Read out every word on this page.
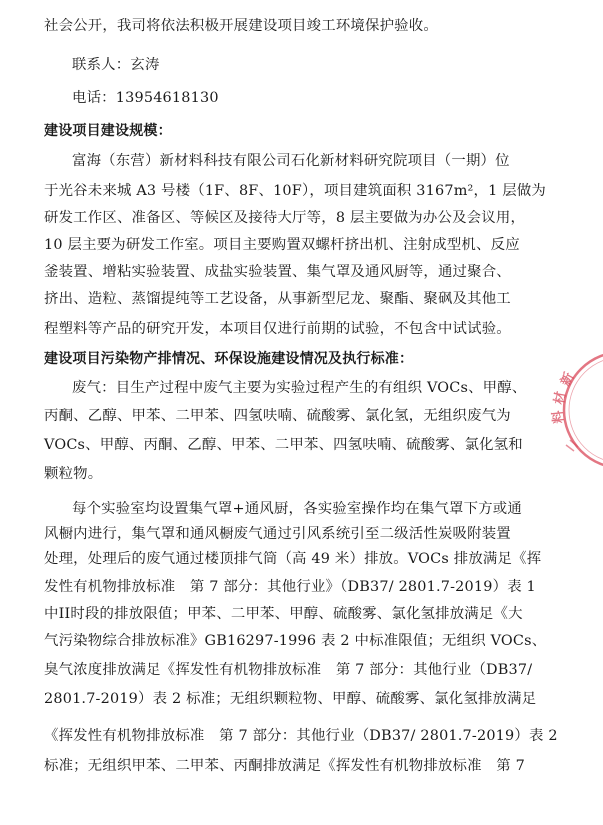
社会公开，我司将依法积极开展建设项目竣工环境保护验收。
联系人：玄涛
电话：13954618130
建设项目建设规模：
富海（东营）新材料科技有限公司石化新材料研究院项目（一期）位
于光谷未来城 A3 号楼（1F、8F、10F），项目建筑面积 3167m²，1 层做为
研发工作区、准备区、等候区及接待大厅等，8 层主要做为办公及会议用，
10 层主要为研发工作室。项目主要购置双螺杆挤出机、注射成型机、反应
釜装置、增粘实验装置、成盐实验装置、集气罩及通风厨等，通过聚合、
挤出、造粒、蒸馏提纯等工艺设备，从事新型尼龙、聚酯、聚砜及其他工
程塑料等产品的研究开发，本项目仅进行前期的试验，不包含中试试验。
建设项目污染物产排情况、环保设施建设情况及执行标准：
废气：目生产过程中废气主要为实验过程产生的有组织 VOCs、甲醇、
丙酮、乙醇、甲苯、二甲苯、四氢呋喃、硫酸雾、氯化氢，无组织废气为
VOCs、甲醇、丙酮、乙醇、甲苯、二甲苯、四氢呋喃、硫酸雾、氯化氢和
颗粒物。
每个实验室均设置集气罩+通风厨，各实验室操作均在集气罩下方或通
风橱内进行，集气罩和通风橱废气通过引风系统引至二级活性炭吸附装置
处理，处理后的废气通过楼顶排气筒（高 49 米）排放。VOCs 排放满足《挥
发性有机物排放标准　第 7 部分：其他行业》（DB37/ 2801.7-2019）表 1
中II时段的排放限值；甲苯、二甲苯、甲醇、硫酸雾、氯化氢排放满足《大
气污染物综合排放标准》GB16297-1996 表 2 中标准限值；无组织 VOCs、
臭气浓度排放满足《挥发性有机物排放标准　第 7 部分：其他行业（DB37/
2801.7-2019）表 2 标准；无组织颗粒物、甲醇、硫酸雾、氯化氢排放满足
《挥发性有机物排放标准　第 7 部分：其他行业（DB37/ 2801.7-2019）表 2
标准；无组织甲苯、二甲苯、丙酮排放满足《挥发性有机物排放标准　第 7
新
材
料
